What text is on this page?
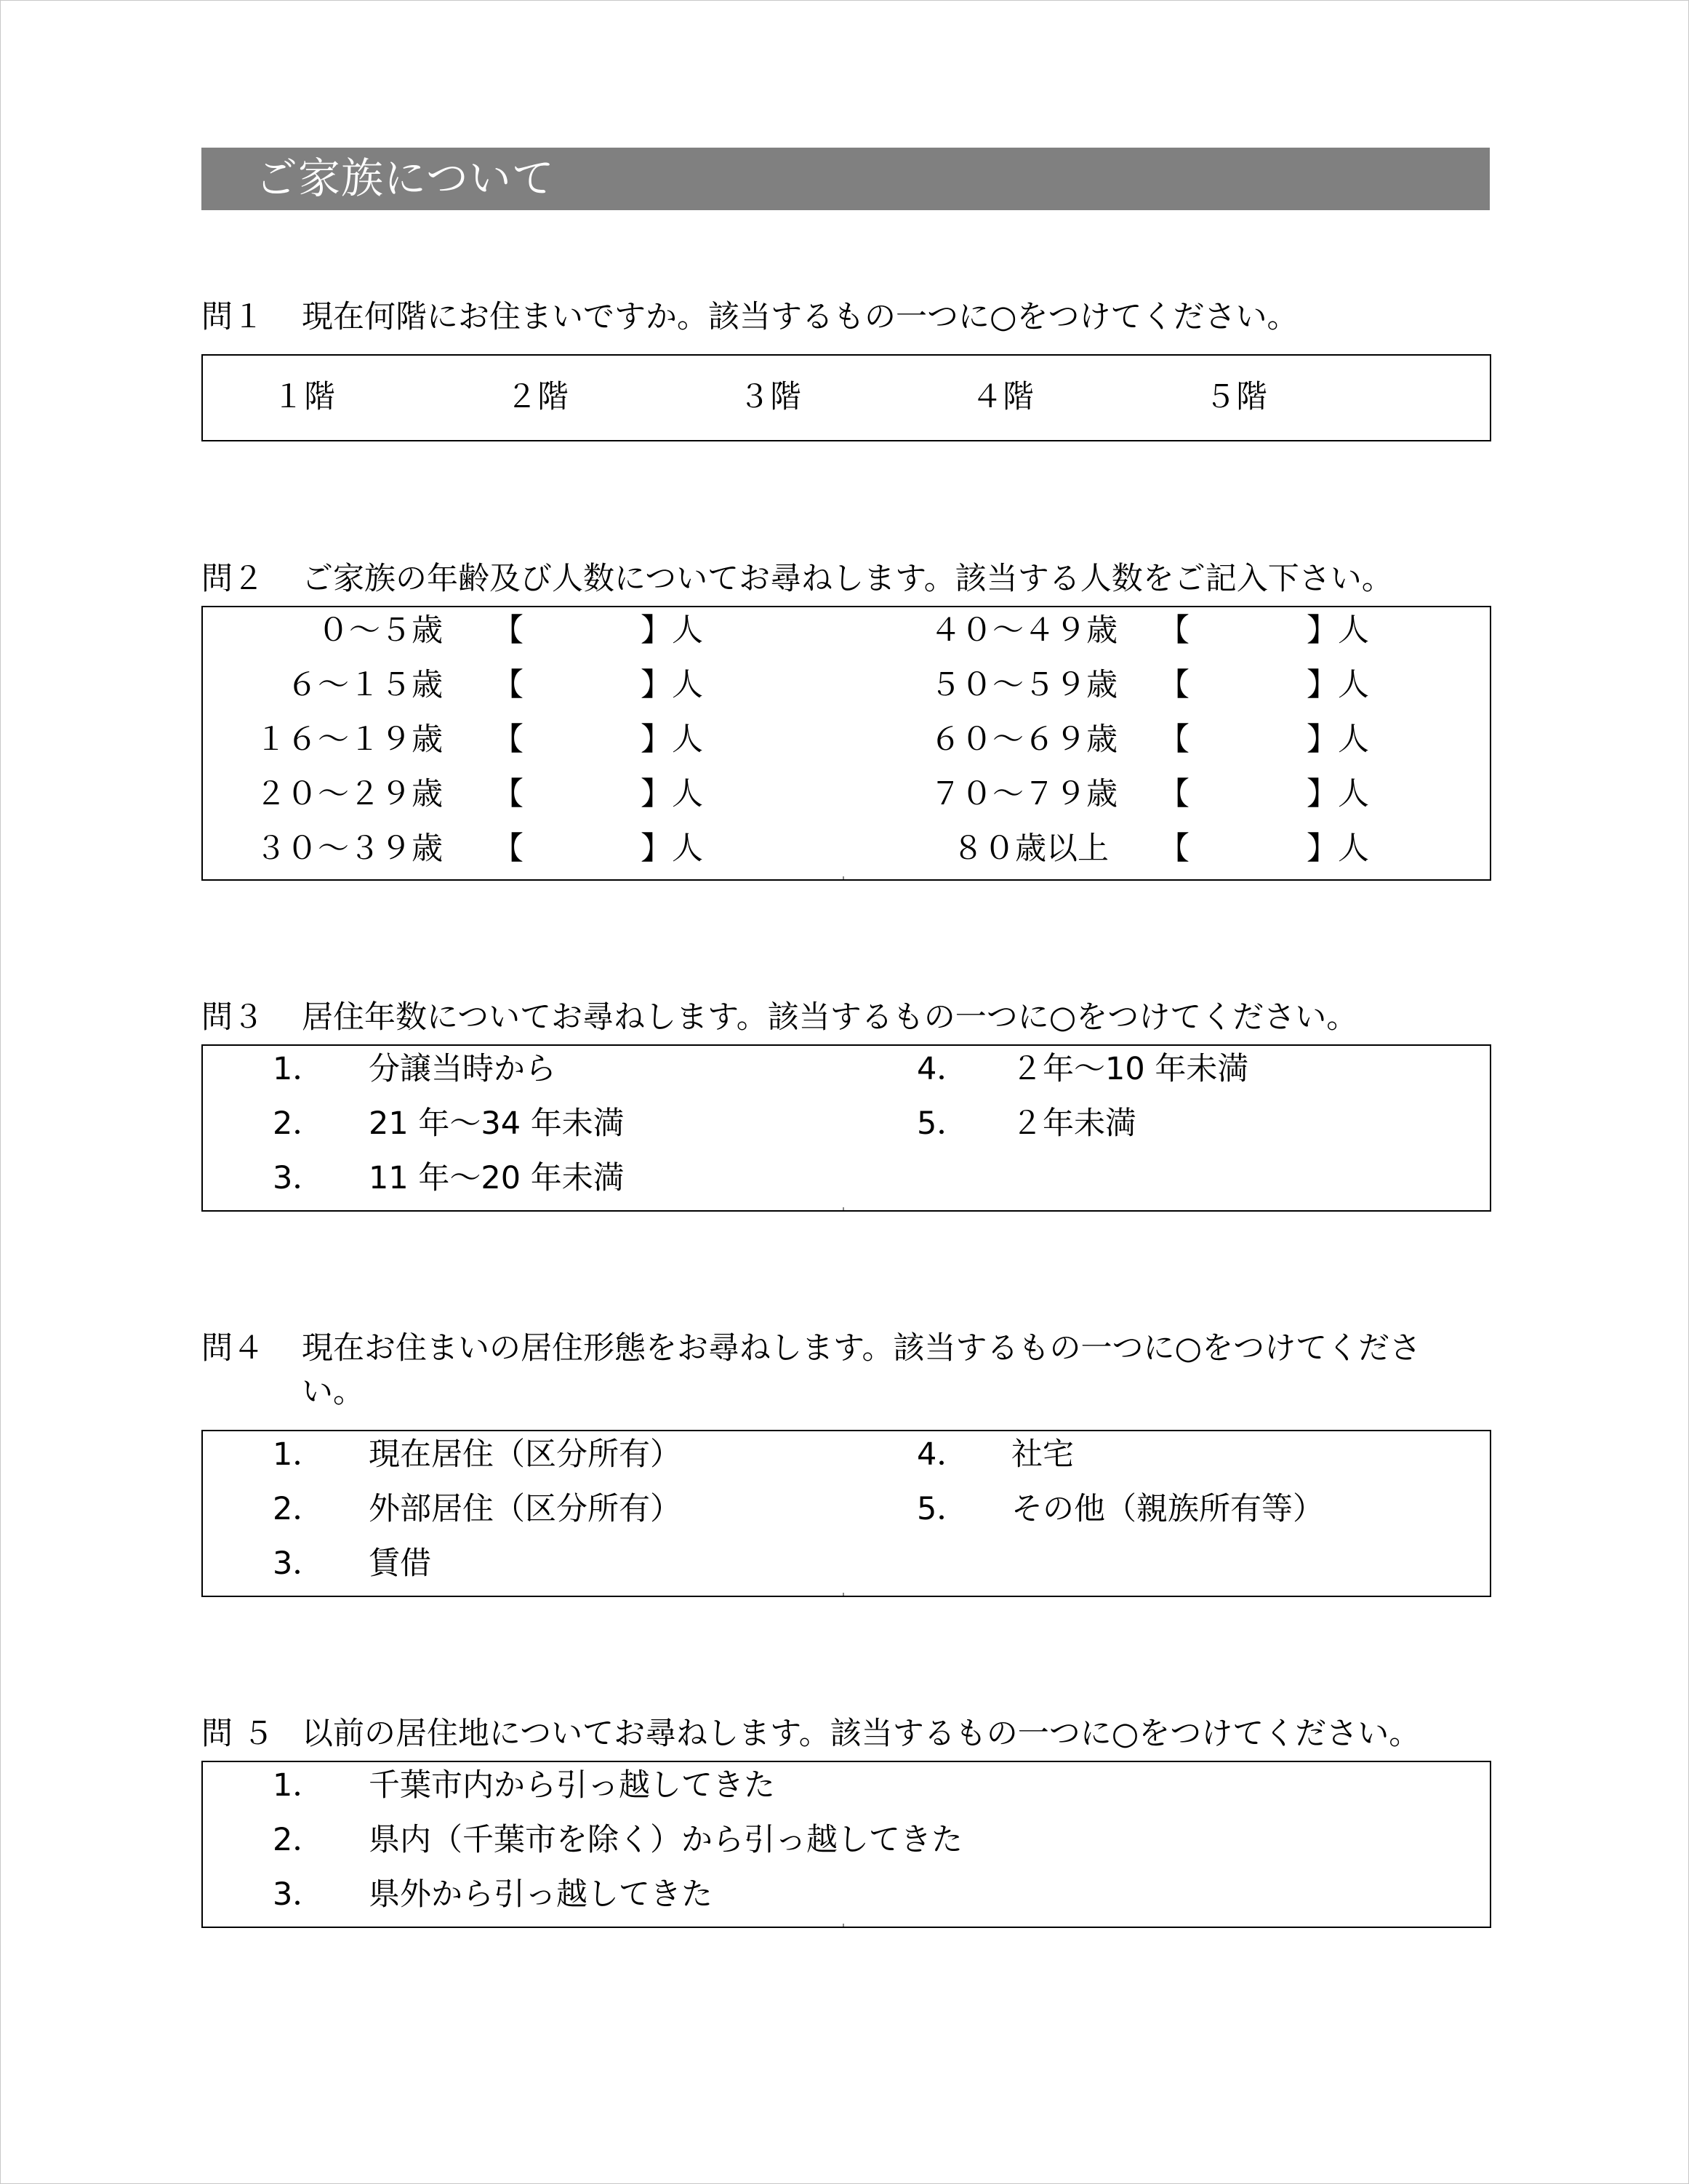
ご家族について
問１ 現在何階にお住まいですか。該当するもの一つに○をつけてください。
１階	２階	３階	４階	５階
問２ ご家族の年齢及び人数についてお尋ねします。該当する人数をご記入下さい。
０～５歳 【	】人
６～１５歳 【	】人
１６～１９歳 【	】人
２０～２９歳 【	】人
３０～３９歳 【	】人
４０～４９歳 【	】人
５０～５９歳 【	】人
６０～６９歳 【	】人
７０～７９歳 【	】人
８０歳以上 【	】人
問３ 居住年数についてお尋ねします。該当するもの一つに○をつけてください。
1． 分譲当時から
2． 21 年～34 年未満
3． 11 年～20 年未満
4． ２年～10 年未満
5． ２年未満
問４ 現在お住まいの居住形態をお尋ねします。該当するもの一つに○をつけてくださ
い。
1． 現在居住（区分所有）
2． 外部居住（区分所有）
3． 賃借
4． 社宅
5． その他（親族所有等）
問 ５ 以前の居住地についてお尋ねします。該当するもの一つに○をつけてください。
1． 千葉市内から引っ越してきた
2． 県内（千葉市を除く）から引っ越してきた
3． 県外から引っ越してきた
